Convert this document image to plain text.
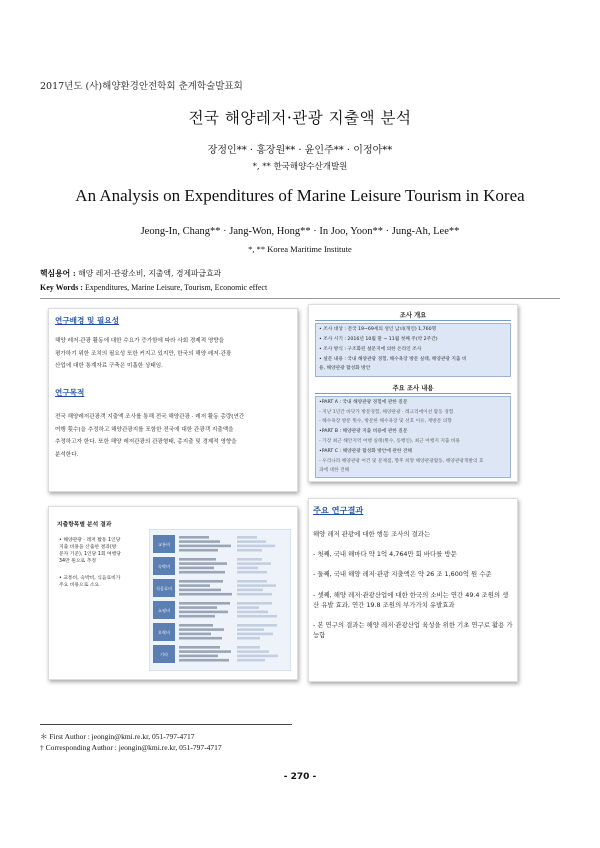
2017년도 (사)해양환경안전학회 춘계학술발표회
전국 해양레저·관광 지출액 분석
장정인** · 홍장원** · 윤인주** · 이정아**
*, ** 한국해양수산개발원
An Analysis on Expenditures of Marine Leisure Tourism in Korea
Jeong-In, Chang** · Jang-Won, Hong** · In Joo, Yoon** · Jung-Ah, Lee**
*, ** Korea Maritime Institute
핵심용어 : 해양 레저·관광소비, 지출액, 경제파급효과
Key Words : Expenditures, Marine Leisure, Tourism, Economic effect
연구배경 및 필요성
해양 레저·관광 활동에 대한 수요가 증가함에 따라 사회 경제적 영향을
평가하기 위한 조치의 필요성 또한 커지고 있지만, 한국의 해양 레저·관광
산업에 대한 통계자료 구축은 미흡한 상태임.
연구목적
전국 해양레저관광객 지출액 조사를 통해 전국 해양관광 · 레저 활동 총량(연간
여행 횟수)을 추정하고 해양관광지를 포함한 전국에 대한 관광객 지출액을
추정하고자 한다. 또한 해양 레저관광의 관광형태, 총지출 및 경제적 영향을
분석한다.
조사 개요
• 조사 대상 : 전국 19~69세의 성인 남녀(개인) 1,760명
• 조사 시기 : 2016년 10월 말 ~ 11월 첫째 주(약 2주간)
• 조사 방식 : 구조화된 설문지에 의한 온라인 조사
• 설문 내용 : 국내 해양관광 경험, 해수욕장 방문 실태, 해양관광 지출 비
용, 해양관광 활성화 방안
주요 조사 내용
•PART A : 국내 해양관광 경험에 관한 질문
- 지난 1년간 바닷가 방문경험, 해양관광 · 레크리에이션 활동 경험
- 해수욕장 방문 횟수, 방문한 해수욕장 및 선호 이유, 재방문 의향
•PART B : 해양관광 지출 비용에 관한 질문
- 가장 최근 해안지역 여행 실태(횟수, 동행인), 최근 여행지 지출 비용
•PART C : 해양관광 활성화 방안에 관한 견해
- 우리나라 해양관광 여건 및 문제점, 향후 희망 해양관광활동, 해양관광개발의 효
과에 대한 견해
지출항목별 분석 결과
• 해양관광 · 레저 활동 1인당 지출 비용을 산출한 결과(방문자 기준), 1인당 1회 여행당 34만 원으로 추정
• 교통비, 숙박비, 식음료비가 주요 비용으로 소요
교통비
숙박비
식음료비
쇼핑비
오락비
기타
주요 연구결과
해양 레저 관광에 대한 행동 조사의 결과는
- 첫째, 국내 해마다 약 1억 4,764만 회 바다를 방문
- 둘째, 국내 해양 레저·관광 지출액은 약 26 조 1,600억 원 수준
- 셋째, 해양 레저·관광산업에 대한 한국의 소비는 연간 49.4 조원의 생산 유발 효과, 연간 19.8 조원의 부가가치 유발효과
- 본 연구의 결과는 해양 레저·관광산업 육성을 위한 기초 연구로 활용 가능함
＊ First Author : jeongin@kmi.re.kr, 051-797-4717
† Corresponding Author : jeongin@kmi.re.kr, 051-797-4717
- 270 -
